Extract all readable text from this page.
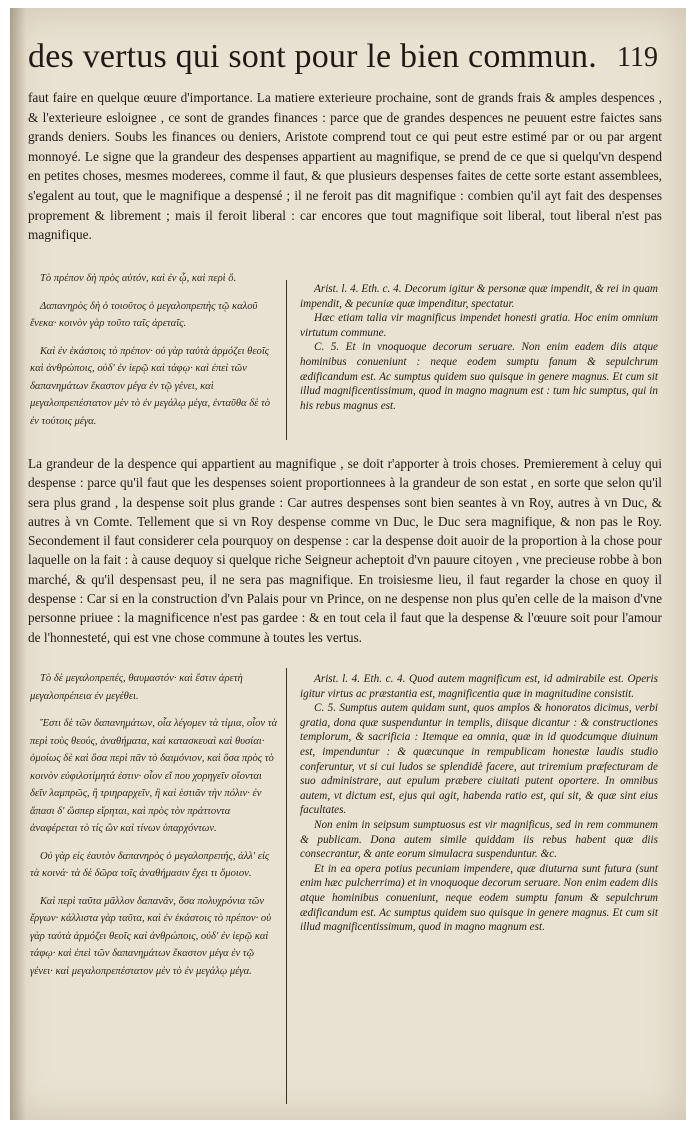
des vertus qui sont pour le bien commun. 119
faut faire en quelque œuure d'importance. La matiere exterieure prochaine, sont de grands frais & amples despences , & l'exterieure esloignee , ce sont de grandes finances : parce que de grandes despences ne peuuent estre faictes sans grands deniers. Soubs les finances ou deniers, Aristote comprend tout ce qui peut estre estimé par or ou par argent monnoyé. Le signe que la grandeur des despenses appartient au magnifique, se prend de ce que si quelqu'vn despend en petites choses, mesmes moderees, comme il faut, & que plusieurs despenses faites de cette sorte estant assemblees, s'egalent au tout, que le magnifique a despensé ; il ne feroit pas dit magnifique : combien qu'il ayt fait des despenses proprement & librement ; mais il feroit liberal : car encores que tout magnifique soit liberal, tout liberal n'est pas magnifique.

Τὸ πρέπον δὴ πρὸς αὐτόν, καὶ ἐν ᾧ, καὶ περὶ ὅ.

Δαπανηρὸς δὴ ὁ τοιοῦτος ὁ μεγαλοπρεπὴς τῷ καλοῦ ἕνεκα· κοινὸν γὰρ τοῦτο ταῖς ἀρεταῖς.

Καὶ ἐν ἑκάστοις τὸ πρέπον· οὐ γὰρ ταὐτὰ ἁρμόζει θεοῖς καὶ ἀνθρώποις, οὐδ' ἐν ἱερῷ καὶ τάφῳ· καὶ ἐπεὶ τῶν δαπανημάτων ἕκαστον μέγα ἐν τῷ γένει, καὶ μεγαλοπρεπέστατον μὲν τὸ ἐν μεγάλῳ μέγα, ἐνταῦθα δὲ τὸ ἐν τούτοις μέγα.

Arist. l. 4. Eth. c. 4. Decorum igitur & personæ quæ impendit, & rei in quam impendit, & pecuniæ quæ impenditur, spectatur.

Hæc etiam talia vir magnificus impendet honesti gratia. Hoc enim omnium virtutum commune.

C. 5. Et in vnoquoque decorum seruare. Non enim eadem diis atque hominibus conueniunt : neque eodem sumptu fanum & sepulchrum ædificandum est. Ac sumptus quidem suo quisque in genere magnus. Et cum sit illud magnificentissimum, quod in magno magnum est : tum hic sumptus, qui in his rebus magnus est.

La grandeur de la despence qui appartient au magnifique , se doit r'apporter à trois choses. Premierement à celuy qui despense : parce qu'il faut que les despenses soient proportionnees à la grandeur de son estat , en sorte que selon qu'il sera plus grand , la despense soit plus grande : Car autres despenses sont bien seantes à vn Roy, autres à vn Duc, & autres à vn Comte. Tellement que si vn Roy despense comme vn Duc, le Duc sera magnifique, & non pas le Roy. Secondement il faut considerer cela pourquoy on despense : car la despense doit auoir de la proportion à la chose pour laquelle on la fait : à cause dequoy si quelque riche Seigneur acheptoit d'vn pauure citoyen , vne precieuse robbe à bon marché, & qu'il despensast peu, il ne sera pas magnifique. En troisiesme lieu, il faut regarder la chose en quoy il despense : Car si en la construction d'vn Palais pour vn Prince, on ne despense non plus qu'en celle de la maison d'vne personne priuee : la magnificence n'est pas gardee : & en tout cela il faut que la despense & l'œuure soit pour l'amour de l'honnesteté, qui est vne chose commune à toutes les vertus.

Τὸ δὲ μεγαλοπρεπές, θαυμαστόν· καὶ ἔστιν ἀρετὴ μεγαλοπρέπεια ἐν μεγέθει.

Ἔστι δὲ τῶν δαπανημάτων, οἷα λέγομεν τὰ τίμια, οἷον τὰ περὶ τοὺς θεούς, ἀναθήματα, καὶ κατασκευαὶ καὶ θυσίαι· ὁμοίως δὲ καὶ ὅσα περὶ πᾶν τὸ δαιμόνιον, καὶ ὅσα πρὸς τὸ κοινὸν εὐφιλοτίμητά ἐστιν· οἷον εἴ που χορηγεῖν οἴονται δεῖν λαμπρῶς, ἢ τριηραρχεῖν, ἢ καὶ ἑστιᾶν τὴν πόλιν· ἐν ἅπασι δ' ὥσπερ εἴρηται, καὶ πρὸς τὸν πράττοντα ἀναφέρεται τὸ τίς ὢν καὶ τίνων ὑπαρχόντων.

Οὐ γὰρ εἰς ἑαυτὸν δαπανηρὸς ὁ μεγαλοπρεπής, ἀλλ' εἰς τὰ κοινά· τὰ δὲ δῶρα τοῖς ἀναθήμασιν ἔχει τι ὅμοιον.

Καὶ περὶ ταῦτα μᾶλλον δαπανᾶν, ὅσα πολυχρόνια τῶν ἔργων· κάλλιστα γὰρ ταῦτα, καὶ ἐν ἑκάστοις τὸ πρέπον· οὐ γὰρ ταὐτὰ ἁρμόζει θεοῖς καὶ ἀνθρώποις, οὐδ' ἐν ἱερῷ καὶ τάφῳ· καὶ ἐπεὶ τῶν δαπανημάτων ἕκαστον μέγα ἐν τῷ γένει· καὶ μεγαλοπρεπέστατον μὲν τὸ ἐν μεγάλῳ μέγα.

Arist. l. 4. Eth. c. 4. Quod autem magnificum est, id admirabile est. Operis igitur virtus ac præstantia est, magnificentia quæ in magnitudine consistit.

C. 5. Sumptus autem quidam sunt, quos amplos & honoratos dicimus, verbi gratia, dona quæ suspenduntur in templis, diisque dicantur : & constructiones templorum, & sacrificia : Itemque ea omnia, quæ in id quodcumque diuinum est, impenduntur : & quæcunque in rempublicam honestæ laudis studio conferuntur, vt si cui ludos se splendidè facere, aut triremium præfecturam de suo administrare, aut epulum præbere ciuitati putent oportere. In omnibus autem, vt dictum est, ejus qui agit, habenda ratio est, qui sit, & quæ sint eius facultates.

Non enim in seipsum sumptuosus est vir magnificus, sed in rem communem & publicam. Dona autem simile quiddam iis rebus habent quæ diis consecrantur, & ante eorum simulacra suspenduntur. &c.

Et in ea opera potius pecuniam impendere, quæ diuturna sunt futura (sunt enim hæc pulcherrima) et in vnoquoque decorum seruare. Non enim eadem diis atque hominibus conueniunt, neque eodem sumptu fanum & sepulchrum ædificandum est. Ac sumptus quidem suo quisque in genere magnus. Et cum sit illud magnificentissimum, quod in magno magnum est.
